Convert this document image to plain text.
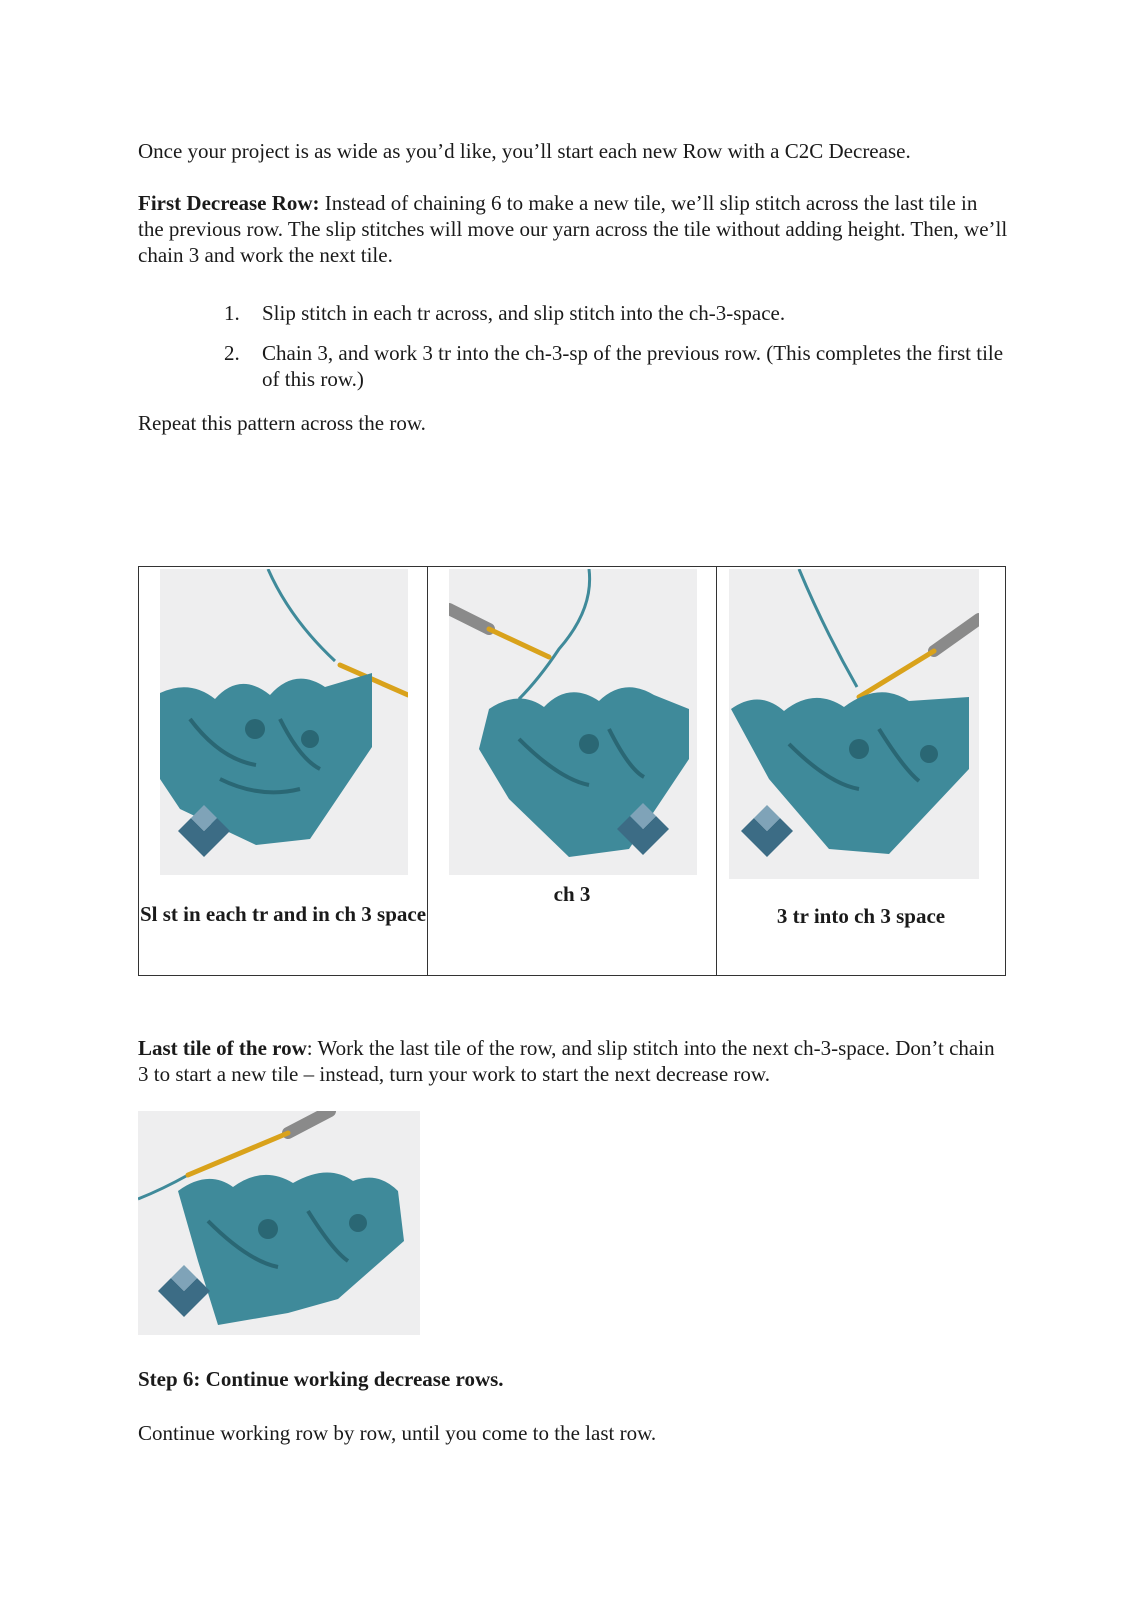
Once your project is as wide as you’d like, you’ll start each new Row with a C2C Decrease.

First Decrease Row: Instead of chaining 6 to make a new tile, we’ll slip stitch across the last tile in the previous row. The slip stitches will move our yarn across the tile without adding height. Then, we’ll chain 3 and work the next tile.

1. Slip stitch in each tr across, and slip stitch into the ch-3-space.
2. Chain 3, and work 3 tr into the ch-3-sp of the previous row. (This completes the first tile of this row.)

Repeat this pattern across the row.

Sl st in each tr and in ch 3 space

ch 3

3 tr into ch 3 space

Last tile of the row: Work the last tile of the row, and slip stitch into the next ch-3-space. Don’t chain 3 to start a new tile – instead, turn your work to start the next decrease row.

Step 6: Continue working decrease rows.

Continue working row by row, until you come to the last row.
